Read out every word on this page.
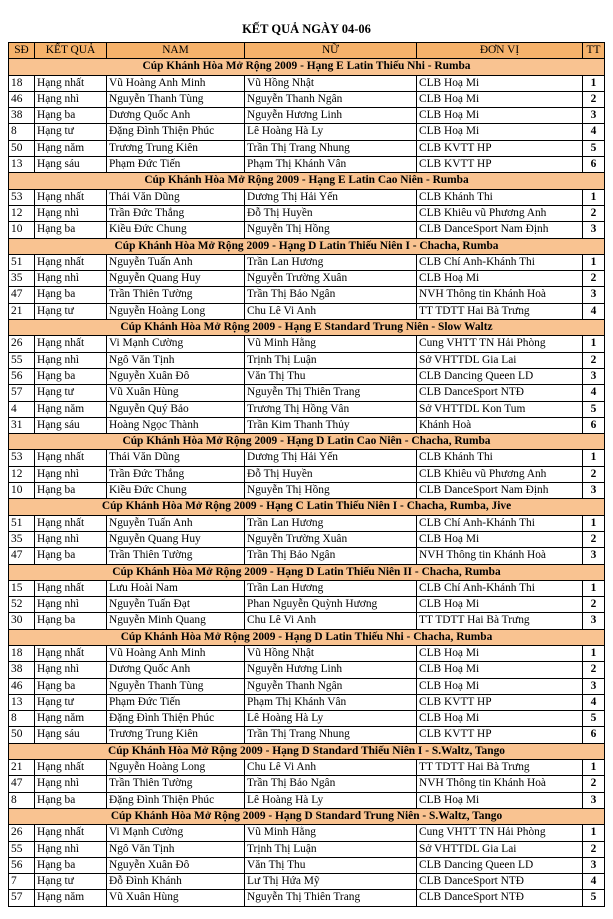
KẾT QUẢ NGÀY 04-06
SĐ	KẾT QUẢ	NAM	NỮ	ĐƠN VỊ	TT
Cúp Khánh Hòa Mở Rộng 2009 - Hạng E Latin Thiếu Nhi - Rumba					
18	Hạng nhất	Vũ Hoàng Anh Minh	Vũ Hồng Nhật	CLB Hoạ Mi	1
46	Hạng nhì	Nguyễn Thanh Tùng	Nguyễn Thanh Ngân	CLB Hoạ Mi	2
38	Hạng ba	Dương Quốc Anh	Nguyễn Hương Linh	CLB Hoạ Mi	3
8	Hạng tư	Đặng Đình Thiện Phúc	Lê Hoàng Hà Ly	CLB Hoạ Mi	4
50	Hạng năm	Trương Trung Kiên	Trần Thị Trang Nhung	CLB KVTT HP	5
13	Hạng sáu	Phạm Đức Tiến	Phạm Thị Khánh Vân	CLB KVTT HP	6
Cúp Khánh Hòa Mở Rộng 2009 - Hạng E Latin Cao Niên - Rumba					
53	Hạng nhất	Thái Văn Dũng	Dương Thị Hải Yến	CLB Khánh Thi	1
12	Hạng nhì	Trần Đức Thắng	Đỗ Thị Huyền	CLB Khiêu vũ Phương Anh	2
10	Hạng ba	Kiều Đức Chung	Nguyễn Thị Hồng	CLB DanceSport Nam Định	3
Cúp Khánh Hòa Mở Rộng 2009 - Hạng D Latin Thiếu Niên I - Chacha, Rumba					
51	Hạng nhất	Nguyễn Tuấn Anh	Trần Lan Hương	CLB Chí Anh-Khánh Thi	1
35	Hạng nhì	Nguyễn Quang Huy	Nguyễn Trường Xuân	CLB Hoạ Mi	2
47	Hạng ba	Trần Thiên Tường	Trần Thị Bảo Ngân	NVH Thông tin Khánh Hoà	3
21	Hạng tư	Nguyễn Hoàng Long	Chu Lê Vi Anh	TT TDTT Hai Bà Trưng	4
Cúp Khánh Hòa Mở Rộng 2009 - Hạng E Standard Trung Niên - Slow Waltz					
26	Hạng nhất	Vi Mạnh Cường	Vũ Minh Hằng	Cung VHTT TN Hải Phòng	1
55	Hạng nhì	Ngô Văn Tịnh	Trịnh Thị Luận	Sở VHTTDL Gia Lai	2
56	Hạng ba	Nguyễn Xuân Đô	Văn Thị Thu	CLB Dancing Queen LD	3
57	Hạng tư	Vũ Xuân Hùng	Nguyễn Thị Thiên Trang	CLB DanceSport NTĐ	4
4	Hạng năm	Nguyễn Quý Bảo	Trương Thị Hồng Vân	Sở VHTTDL Kon Tum	5
31	Hạng sáu	Hoàng Ngọc Thành	Trần Kim Thanh Thủy	Khánh Hoà	6
Cúp Khánh Hòa Mở Rộng 2009 - Hạng D Latin Cao Niên - Chacha, Rumba					
53	Hạng nhất	Thái Văn Dũng	Dương Thị Hải Yến	CLB Khánh Thi	1
12	Hạng nhì	Trần Đức Thắng	Đỗ Thị Huyền	CLB Khiêu vũ Phương Anh	2
10	Hạng ba	Kiều Đức Chung	Nguyễn Thị Hồng	CLB DanceSport Nam Định	3
Cúp Khánh Hòa Mở Rộng 2009 - Hạng C Latin Thiếu Niên I - Chacha, Rumba, Jive					
51	Hạng nhất	Nguyễn Tuấn Anh	Trần Lan Hương	CLB Chí Anh-Khánh Thi	1
35	Hạng nhì	Nguyễn Quang Huy	Nguyễn Trường Xuân	CLB Hoạ Mi	2
47	Hạng ba	Trần Thiên Tường	Trần Thị Bảo Ngân	NVH Thông tin Khánh Hoà	3
Cúp Khánh Hòa Mở Rộng 2009 - Hạng D Latin Thiếu Niên II - Chacha, Rumba					
15	Hạng nhất	Lưu Hoài Nam	Trần Lan Hương	CLB Chí Anh-Khánh Thi	1
52	Hạng nhì	Nguyễn Tuấn Đạt	Phan Nguyễn Quỳnh Hương	CLB Hoạ Mi	2
30	Hạng ba	Nguyễn Minh Quang	Chu Lê Vi Anh	TT TDTT Hai Bà Trưng	3
Cúp Khánh Hòa Mở Rộng 2009 - Hạng D Latin Thiếu Nhi - Chacha, Rumba					
18	Hạng nhất	Vũ Hoàng Anh Minh	Vũ Hồng Nhật	CLB Hoạ Mi	1
38	Hạng nhì	Dương Quốc Anh	Nguyễn Hương Linh	CLB Hoạ Mi	2
46	Hạng ba	Nguyễn Thanh Tùng	Nguyễn Thanh Ngân	CLB Hoạ Mi	3
13	Hạng tư	Phạm Đức Tiến	Phạm Thị Khánh Vân	CLB KVTT HP	4
8	Hạng năm	Đặng Đình Thiện Phúc	Lê Hoàng Hà Ly	CLB Hoạ Mi	5
50	Hạng sáu	Trương Trung Kiên	Trần Thị Trang Nhung	CLB KVTT HP	6
Cúp Khánh Hòa Mở Rộng 2009 - Hạng D Standard Thiếu Niên I - S.Waltz, Tango					
21	Hạng nhất	Nguyễn Hoàng Long	Chu Lê Vi Anh	TT TDTT Hai Bà Trưng	1
47	Hạng nhì	Trần Thiên Tường	Trần Thị Bảo Ngân	NVH Thông tin Khánh Hoà	2
8	Hạng ba	Đặng Đình Thiện Phúc	Lê Hoàng Hà Ly	CLB Hoạ Mi	3
Cúp Khánh Hòa Mở Rộng 2009 - Hạng D Standard Trung Niên - S.Waltz, Tango					
26	Hạng nhất	Vi Mạnh Cường	Vũ Minh Hằng	Cung VHTT TN Hải Phòng	1
55	Hạng nhì	Ngô Văn Tịnh	Trịnh Thị Luận	Sở VHTTDL Gia Lai	2
56	Hạng ba	Nguyễn Xuân Đô	Văn Thị Thu	CLB Dancing Queen LD	3
7	Hạng tư	Đỗ Đình Khánh	Lư Thị Hứa Mỹ	CLB DanceSport NTĐ	4
57	Hạng năm	Vũ Xuân Hùng	Nguyễn Thị Thiên Trang	CLB DanceSport NTĐ	5
